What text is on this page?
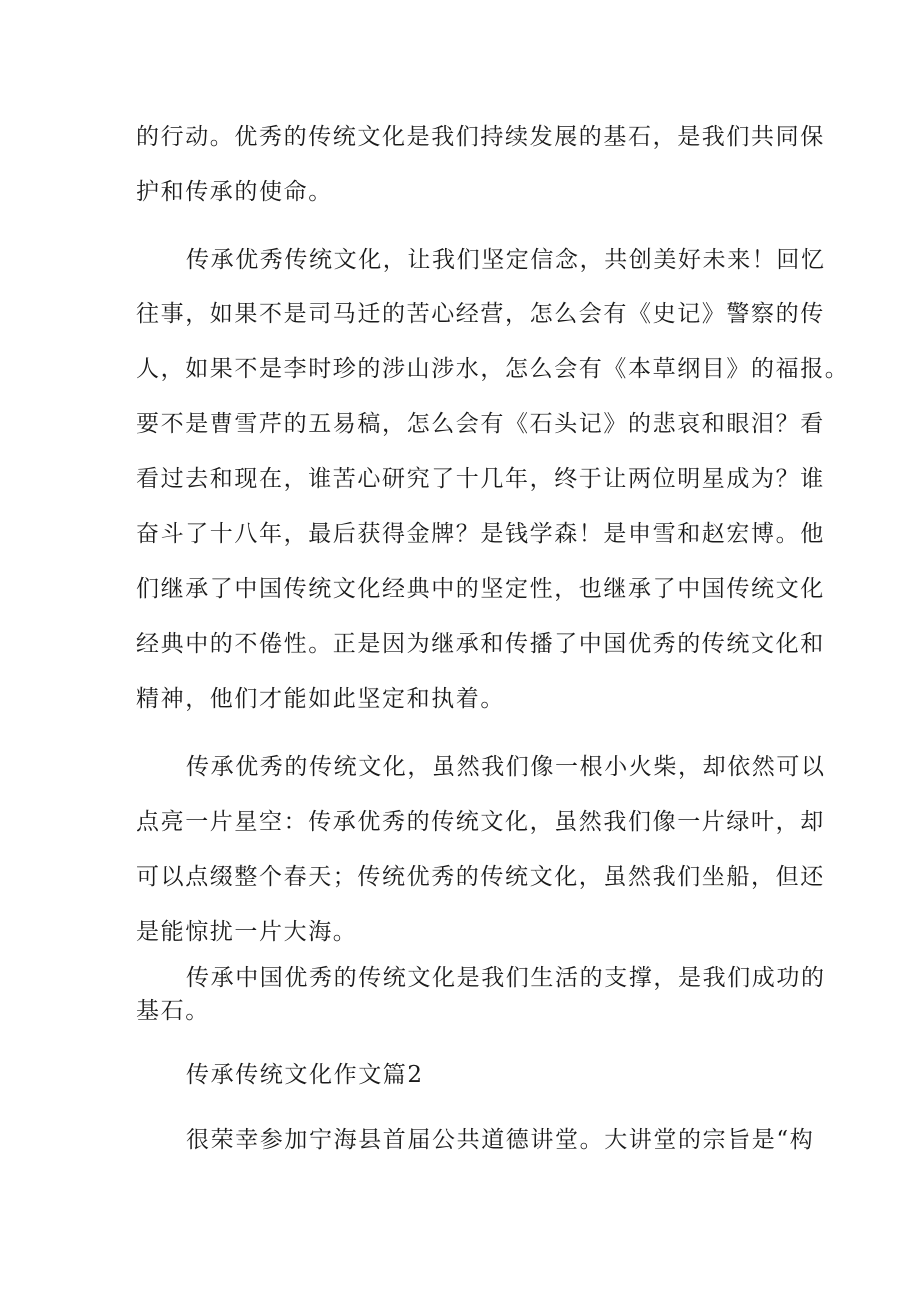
的行动。优秀的传统文化是我们持续发展的基石，是我们共同保
护和传承的使命。
传承优秀传统文化，让我们坚定信念，共创美好未来！回忆
往事，如果不是司马迁的苦心经营，怎么会有《史记》警察的传
人，如果不是李时珍的涉山涉水，怎么会有《本草纲目》的福报。
要不是曹雪芹的五易稿，怎么会有《石头记》的悲哀和眼泪？看
看过去和现在，谁苦心研究了十几年，终于让两位明星成为？谁
奋斗了十八年，最后获得金牌？是钱学森！是申雪和赵宏博。他
们继承了中国传统文化经典中的坚定性，也继承了中国传统文化
经典中的不倦性。正是因为继承和传播了中国优秀的传统文化和
精神，他们才能如此坚定和执着。
传承优秀的传统文化，虽然我们像一根小火柴，却依然可以
点亮一片星空：传承优秀的传统文化，虽然我们像一片绿叶，却
可以点缀整个春天；传统优秀的传统文化，虽然我们坐船，但还
是能惊扰一片大海。
传承中国优秀的传统文化是我们生活的支撑，是我们成功的
基石。
传承传统文化作文篇2
很荣幸参加宁海县首届公共道德讲堂。大讲堂的宗旨是“构
